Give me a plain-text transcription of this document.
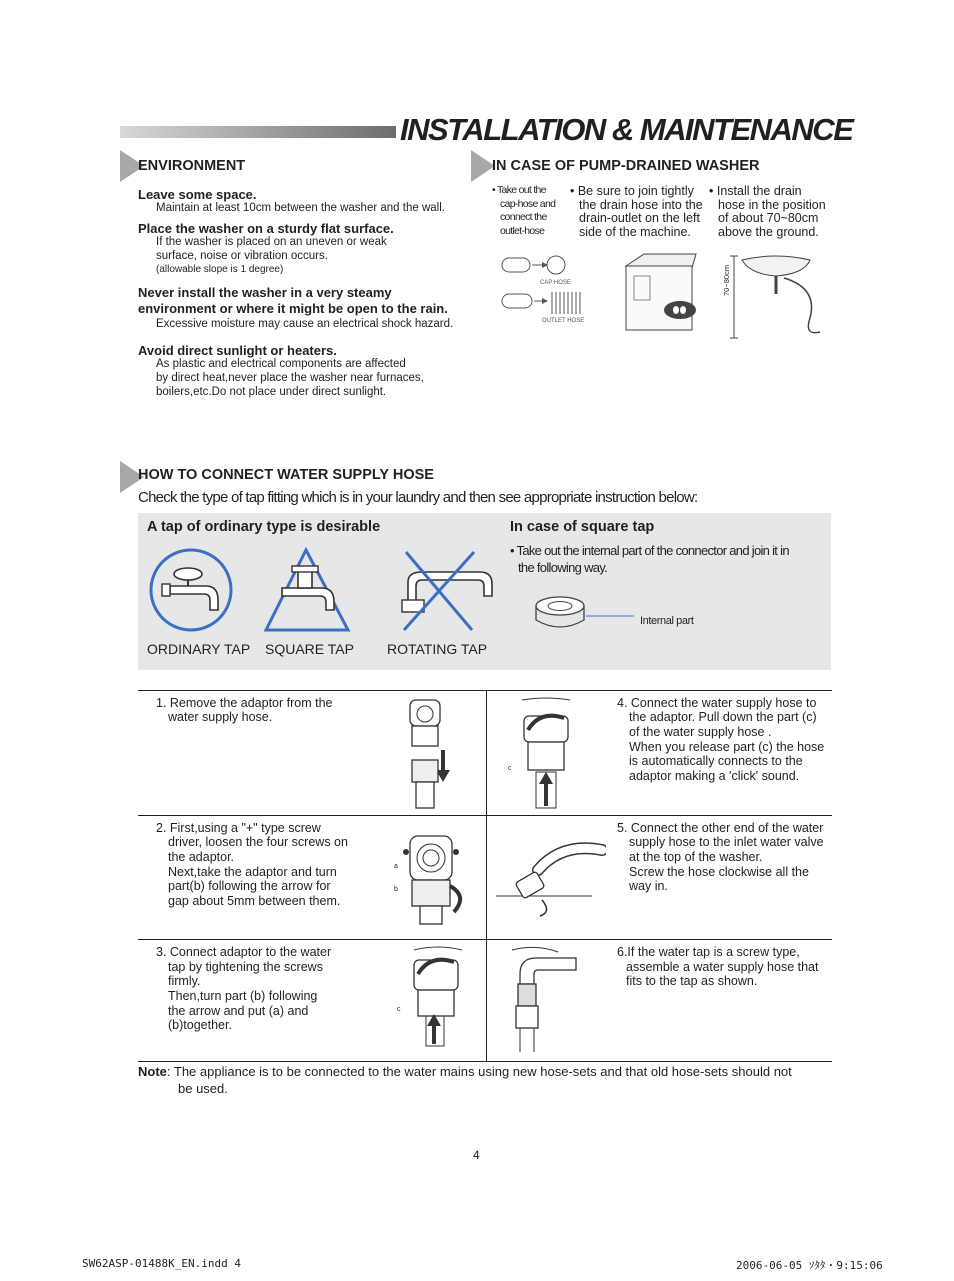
INSTALLATION & MAINTENANCE
ENVIRONMENT
Leave some space.
Maintain at least 10cm between the washer and the wall.
Place the washer on a sturdy flat surface.
If the washer is placed on an uneven or weak
surface, noise or vibration occurs.
(allowable slope is 1 degree)
Never install the washer in a very steamy
environment or where it might be open to the rain.
Excessive moisture may cause an electrical shock hazard.
Avoid direct sunlight or heaters.
As plastic and electrical components are affected
by direct heat,never place the washer near furnaces,
boilers,etc.Do not place under direct sunlight.
IN CASE OF PUMP-DRAINED WASHER
• Take out the
cap-hose and
connect the
outlet-hose
• Be sure to join tightly
the drain hose into the
drain-outlet on the left
side of the machine.
• Install the drain
hose in the position
of about 70~80cm
above the ground.
CAP HOSE
OUTLET HOSE
70~80cm
HOW TO CONNECT WATER SUPPLY HOSE
Check the type of tap fitting which is in your laundry and then see appropriate instruction below:
A tap of ordinary type is desirable	In case of square tap
• Take out the internal part of the connector and join it in
the following way.
ORDINARY TAP SQUARE TAP ROTATING TAP
Internal part
1. Remove the adaptor from the
water supply hose.
4. Connect the water supply hose to
the adaptor. Pull down the part (c)
of the water supply hose .
When you release part (c) the hose
is automatically connects to the
adaptor making a 'click' sound.
c
2. First,using a "+" type screw
driver, loosen the four screws on
the adaptor.
Next,take the adaptor and turn
part(b) following the arrow for
gap about 5mm between them.
a
b
5. Connect the other end of the water
supply hose to the inlet water valve
at the top of the washer.
Screw the hose clockwise all the
way in.
3. Connect adaptor to the water
tap by tightening the screws
firmly.
Then,turn part (b) following
the arrow and put (a) and
(b)together.
c
6.If the water tap is a screw type,
assemble a water supply hose that
fits to the tap as shown.
Note: The appliance is to be connected to the water mains using new hose-sets and that old hose-sets should not
be used.
4
SW62ASP-01488K_EN.indd 4	2006-06-05 ｿﾀﾀ・9:15:06
